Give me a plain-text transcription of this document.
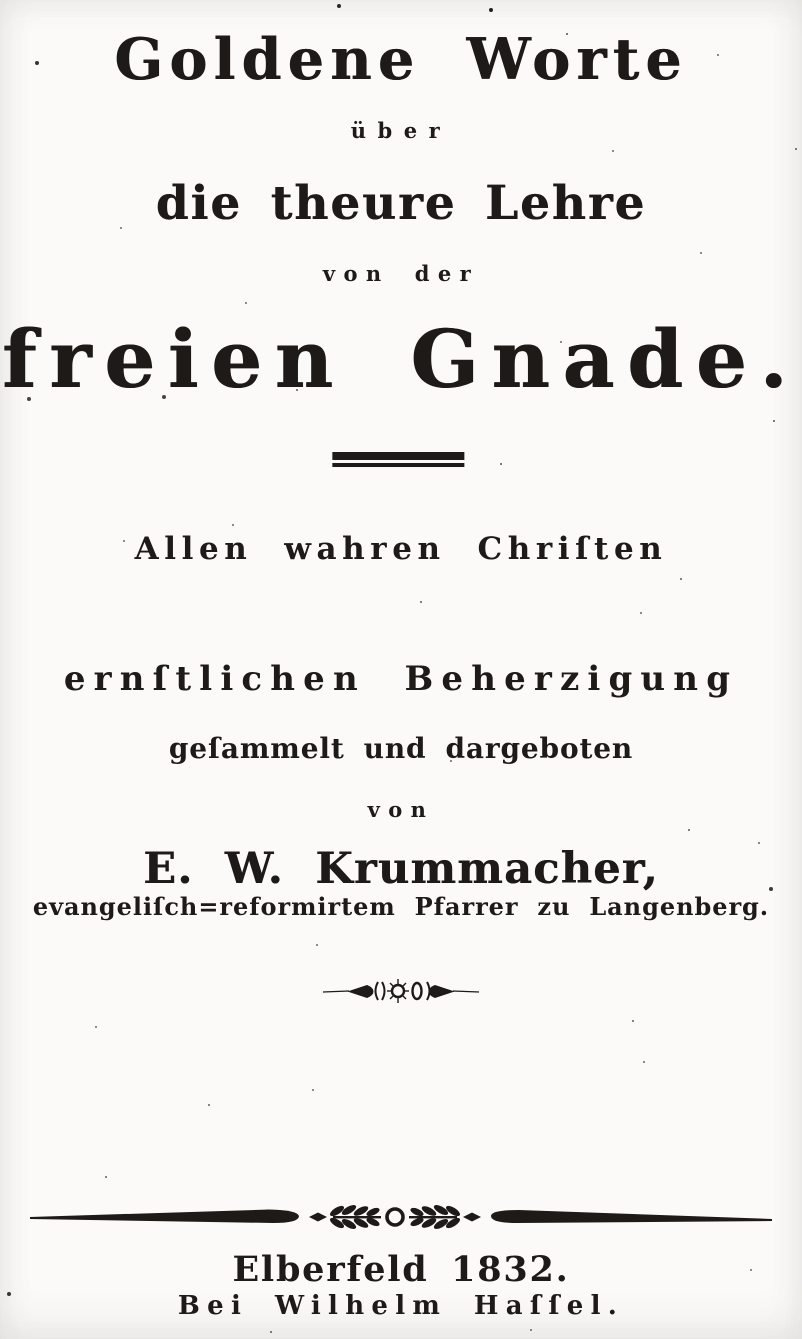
Goldene Worte
über
die theure Lehre
von der
freien Gnade.
Allen wahren Chriſten
ernſtlichen Beherzigung
geſammelt und dargeboten
von
E. W. Krummacher,
evangeliſch=reformirtem Pfarrer zu Langenberg.
Elberfeld 1832.
Bei Wilhelm Haſſel.
